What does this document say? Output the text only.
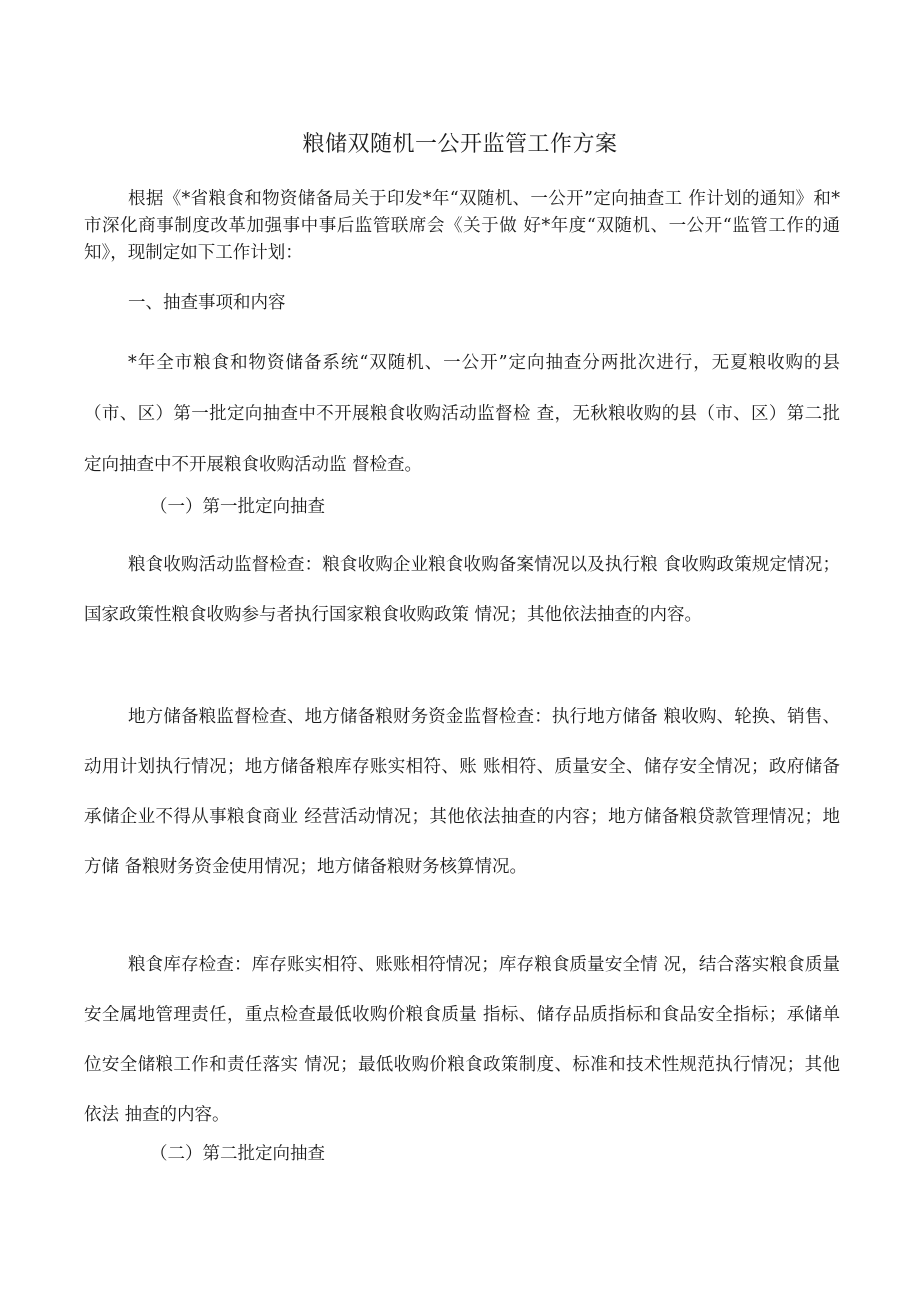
粮储双随机一公开监管工作方案

根据《*省粮食和物资储备局关于印发*年“双随机、一公开”定向抽查工 作计划的通知》和*市深化商事制度改革加强事中事后监管联席会《关于做 好*年度“双随机、一公开“监管工作的通知》，现制定如下工作计划：

一、抽查事项和内容

*年全市粮食和物资储备系统“双随机、一公开”定向抽查分两批次进行，无夏粮收购的县（市、区）第一批定向抽查中不开展粮食收购活动监督检 查，无秋粮收购的县（市、区）第二批定向抽查中不开展粮食收购活动监 督检查。

（一）第一批定向抽查

粮食收购活动监督检查：粮食收购企业粮食收购备案情况以及执行粮 食收购政策规定情况；国家政策性粮食收购参与者执行国家粮食收购政策 情况；其他依法抽查的内容。

地方储备粮监督检查、地方储备粮财务资金监督检查：执行地方储备 粮收购、轮换、销售、动用计划执行情况；地方储备粮库存账实相符、账 账相符、质量安全、储存安全情况；政府储备承储企业不得从事粮食商业 经营活动情况；其他依法抽查的内容；地方储备粮贷款管理情况；地方储 备粮财务资金使用情况；地方储备粮财务核算情况。

粮食库存检查：库存账实相符、账账相符情况；库存粮食质量安全情 况，结合落实粮食质量安全属地管理责任，重点检查最低收购价粮食质量 指标、储存品质指标和食品安全指标；承储单位安全储粮工作和责任落实 情况；最低收购价粮食政策制度、标准和技术性规范执行情况；其他依法 抽查的内容。

（二）第二批定向抽查
